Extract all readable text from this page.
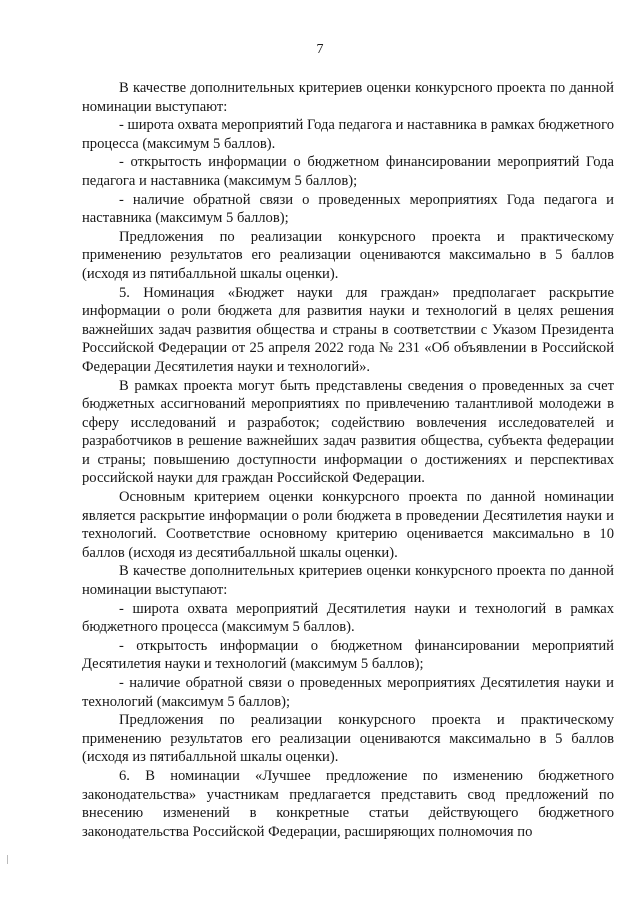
7

В качестве дополнительных критериев оценки конкурсного проекта по данной номинации выступают:

- широта охвата мероприятий Года педагога и наставника в рамках бюджетного процесса (максимум 5 баллов).

- открытость информации о бюджетном финансировании мероприятий Года педагога и наставника (максимум 5 баллов);

- наличие обратной связи о проведенных мероприятиях Года педагога и наставника (максимум 5 баллов);

Предложения по реализации конкурсного проекта и практическому применению результатов его реализации оцениваются максимально в 5 баллов (исходя из пятибалльной шкалы оценки).

5. Номинация «Бюджет науки для граждан» предполагает раскрытие информации о роли бюджета для развития науки и технологий в целях решения важнейших задач развития общества и страны в соответствии с Указом Президента Российской Федерации от 25 апреля 2022 года № 231 «Об объявлении в Российской Федерации Десятилетия науки и технологий».

В рамках проекта могут быть представлены сведения о проведенных за счет бюджетных ассигнований мероприятиях по привлечению талантливой молодежи в сферу исследований и разработок; содействию вовлечения исследователей и разработчиков в решение важнейших задач развития общества, субъекта федерации и страны; повышению доступности информации о достижениях и перспективах российской науки для граждан Российской Федерации.

Основным критерием оценки конкурсного проекта по данной номинации является раскрытие информации о роли бюджета в проведении Десятилетия науки и технологий. Соответствие основному критерию оценивается максимально в 10 баллов (исходя из десятибалльной шкалы оценки).

В качестве дополнительных критериев оценки конкурсного проекта по данной номинации выступают:

- широта охвата мероприятий Десятилетия науки и технологий в рамках бюджетного процесса (максимум 5 баллов).

- открытость информации о бюджетном финансировании мероприятий Десятилетия науки и технологий (максимум 5 баллов);

- наличие обратной связи о проведенных мероприятиях Десятилетия науки и технологий (максимум 5 баллов);

Предложения по реализации конкурсного проекта и практическому применению результатов его реализации оцениваются максимально в 5 баллов (исходя из пятибалльной шкалы оценки).

6. В номинации «Лучшее предложение по изменению бюджетного законодательства» участникам предлагается представить свод предложений по внесению изменений в конкретные статьи действующего бюджетного законодательства Российской Федерации, расширяющих полномочия по
